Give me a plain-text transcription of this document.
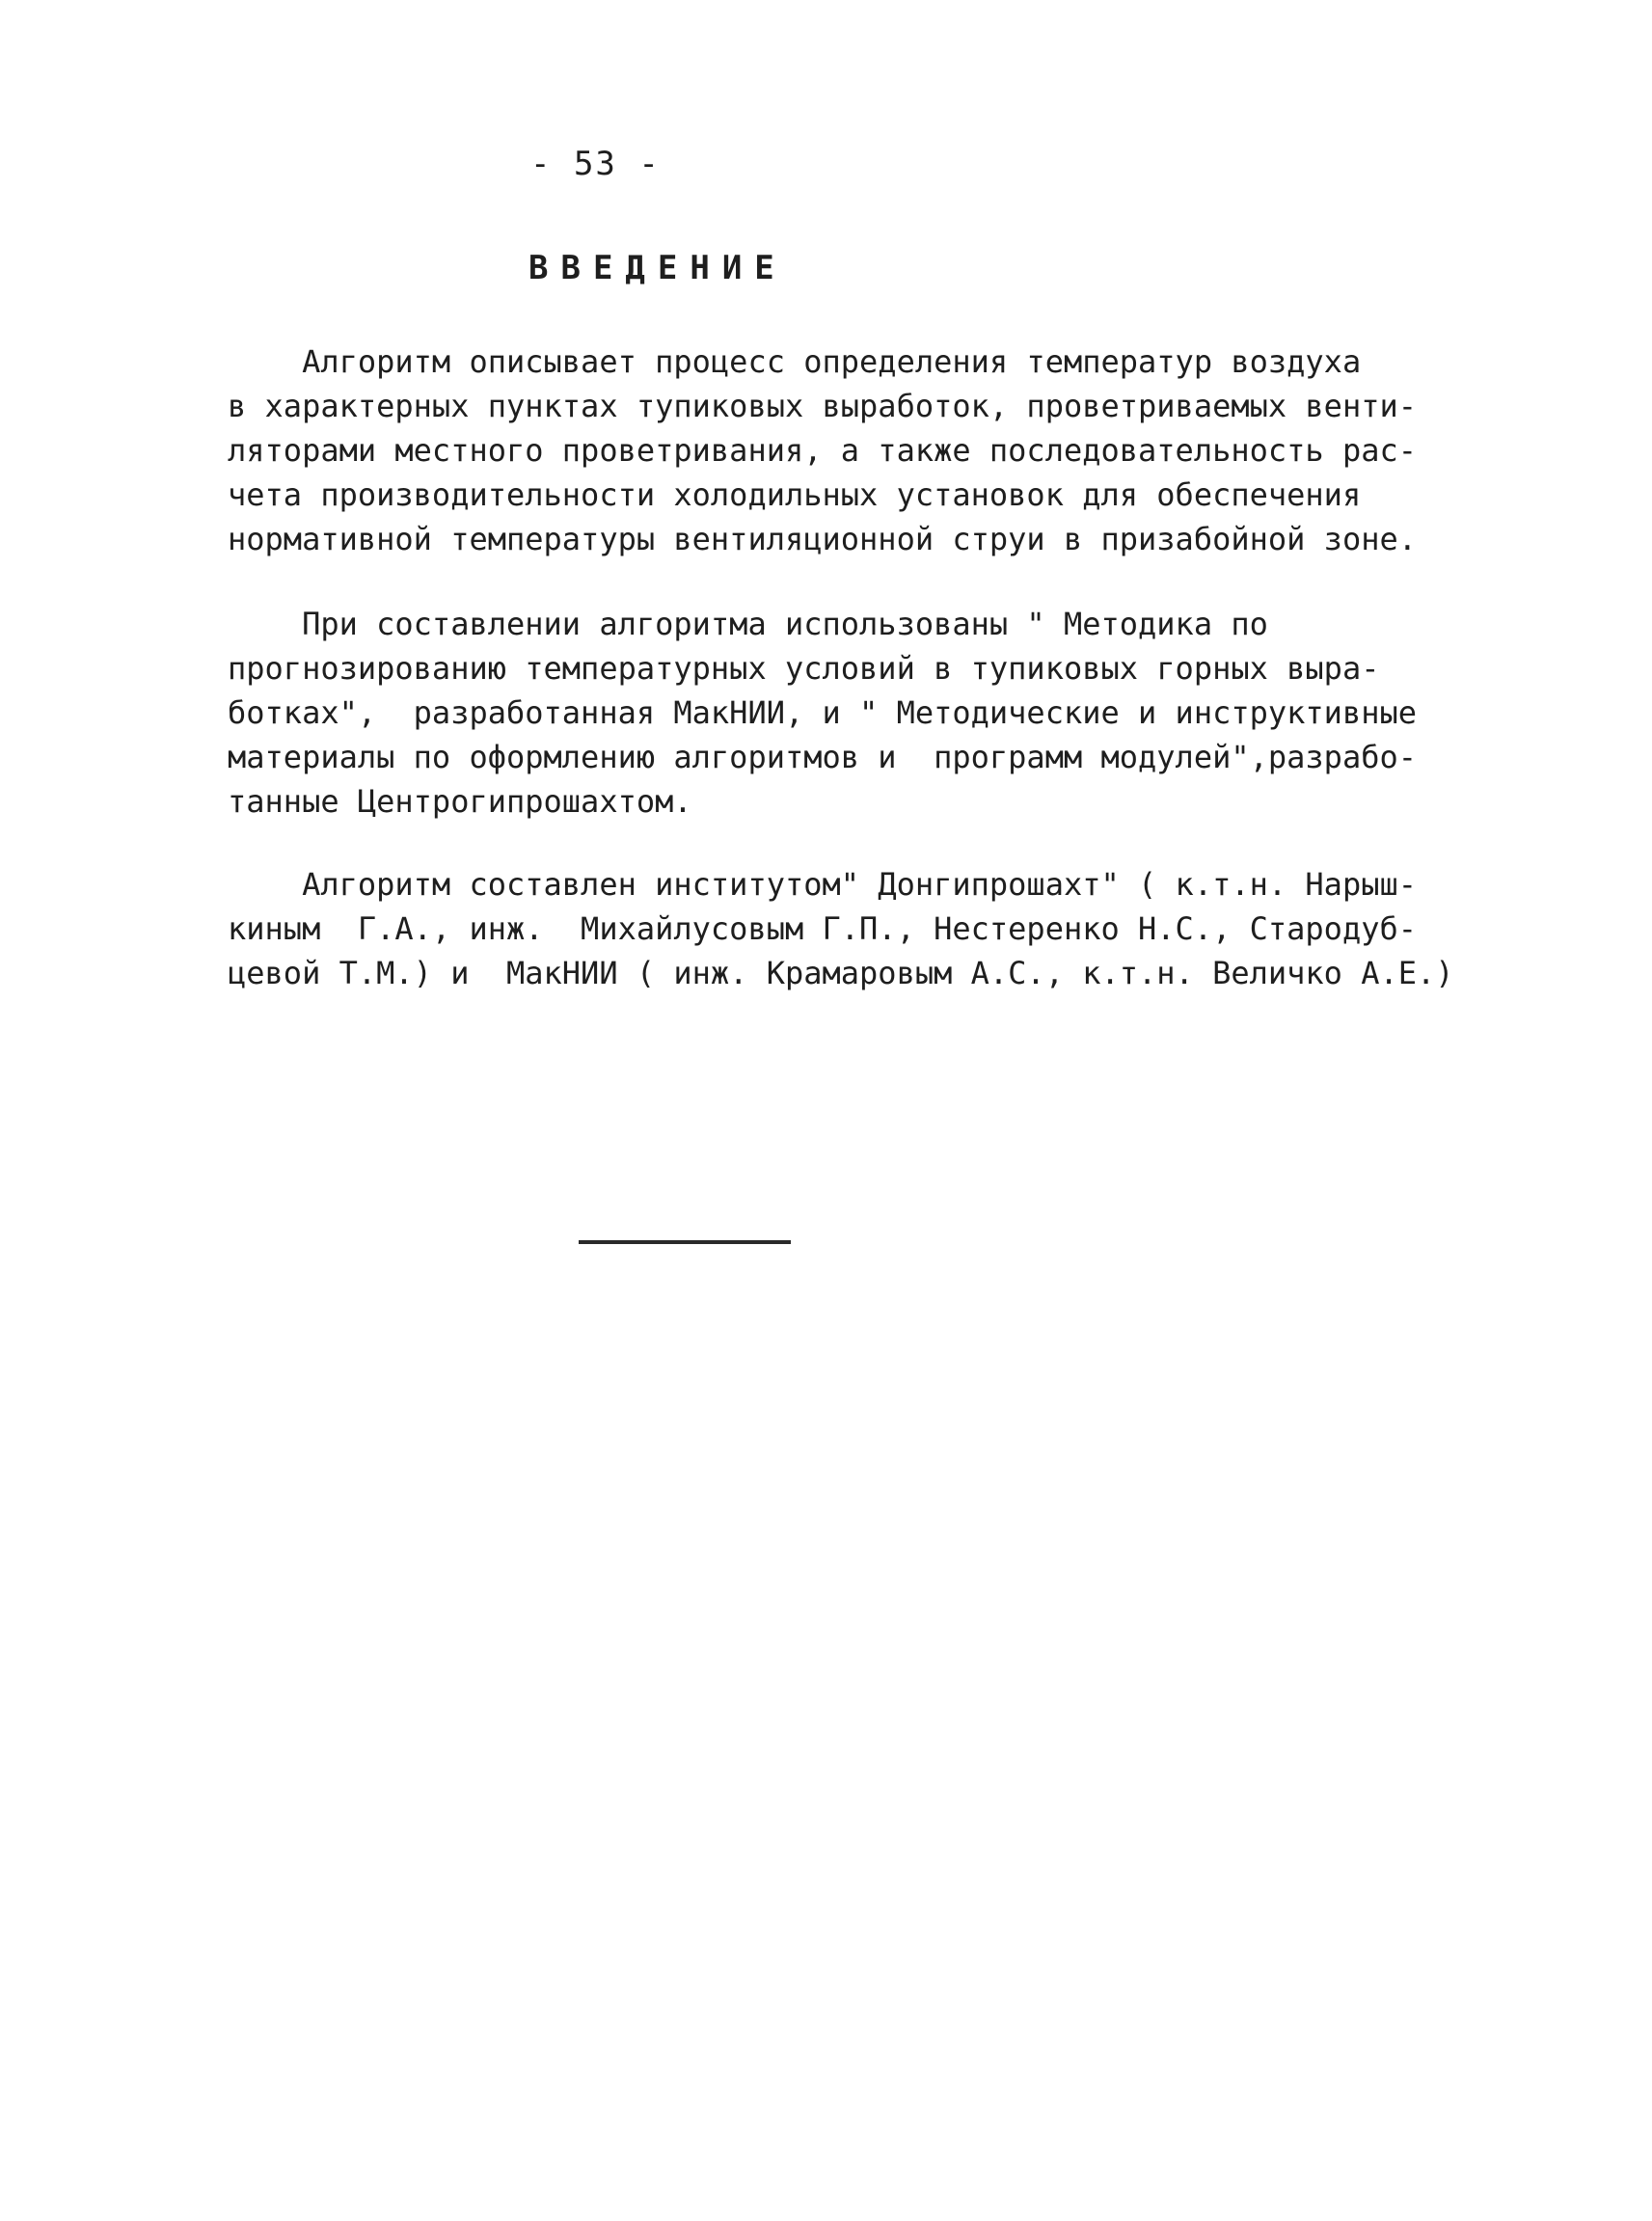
- 53 -
ВВЕДЕНИЕ
Алгоритм описывает процесс определения температур воздуха
в характерных пунктах тупиковых выработок, проветриваемых венти-
ляторами местного проветривания, а также последовательность рас-
чета производительности холодильных установок для обеспечения
нормативной температуры вентиляционной струи в призабойной зоне.
При составлении алгоритма использованы " Методика по
прогнозированию температурных условий в тупиковых горных выра-
ботках",  разработанная МакНИИ, и " Методические и инструктивные
материалы по оформлению алгоритмов и  программ модулей",разрабо-
танные Центрогипрошахтом.
Алгоритм составлен институтом" Донгипрошахт" ( к.т.н. Нарыш-
киным  Г.А., инж.  Михайлусовым Г.П., Нестеренко Н.С., Стародуб-
цевой Т.М.) и  МакНИИ ( инж. Крамаровым А.С., к.т.н. Величко А.Е.)
